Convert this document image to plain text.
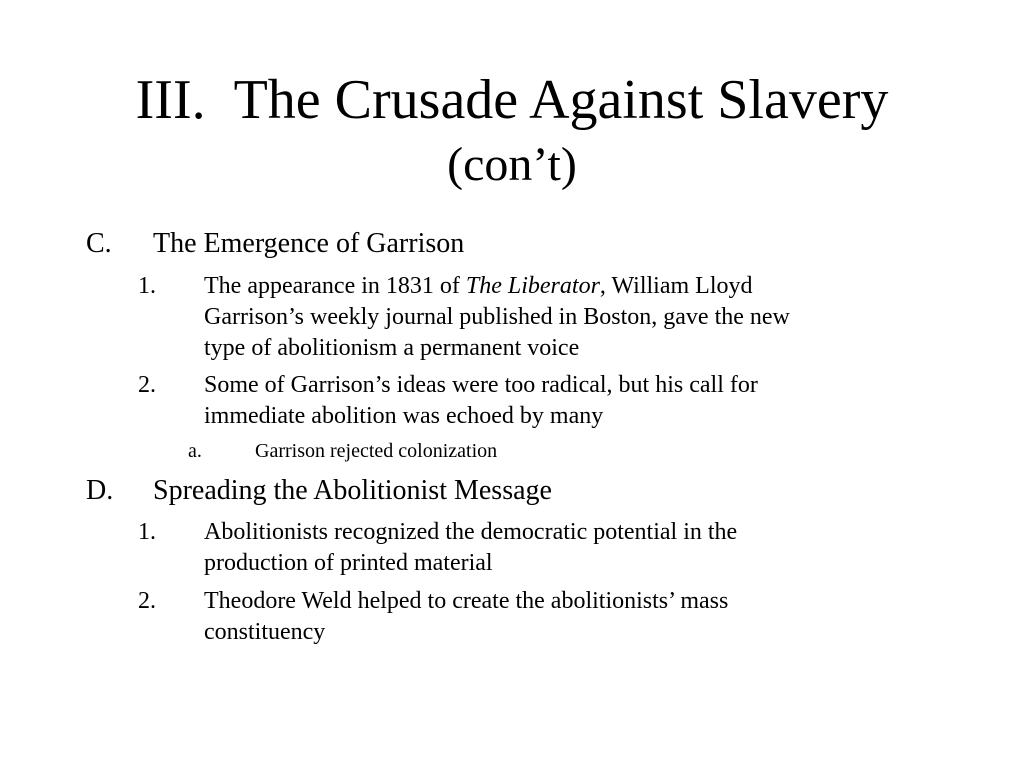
III. The Crusade Against Slavery
(con’t)
C. The Emergence of Garrison
1. The appearance in 1831 of The Liberator, William Lloyd
Garrison’s weekly journal published in Boston, gave the new
type of abolitionism a permanent voice
2. Some of Garrison’s ideas were too radical, but his call for
immediate abolition was echoed by many
a.	Garrison rejected colonization
D. Spreading the Abolitionist Message
1. Abolitionists recognized the democratic potential in the
production of printed material
2. Theodore Weld helped to create the abolitionists’ mass
constituency
